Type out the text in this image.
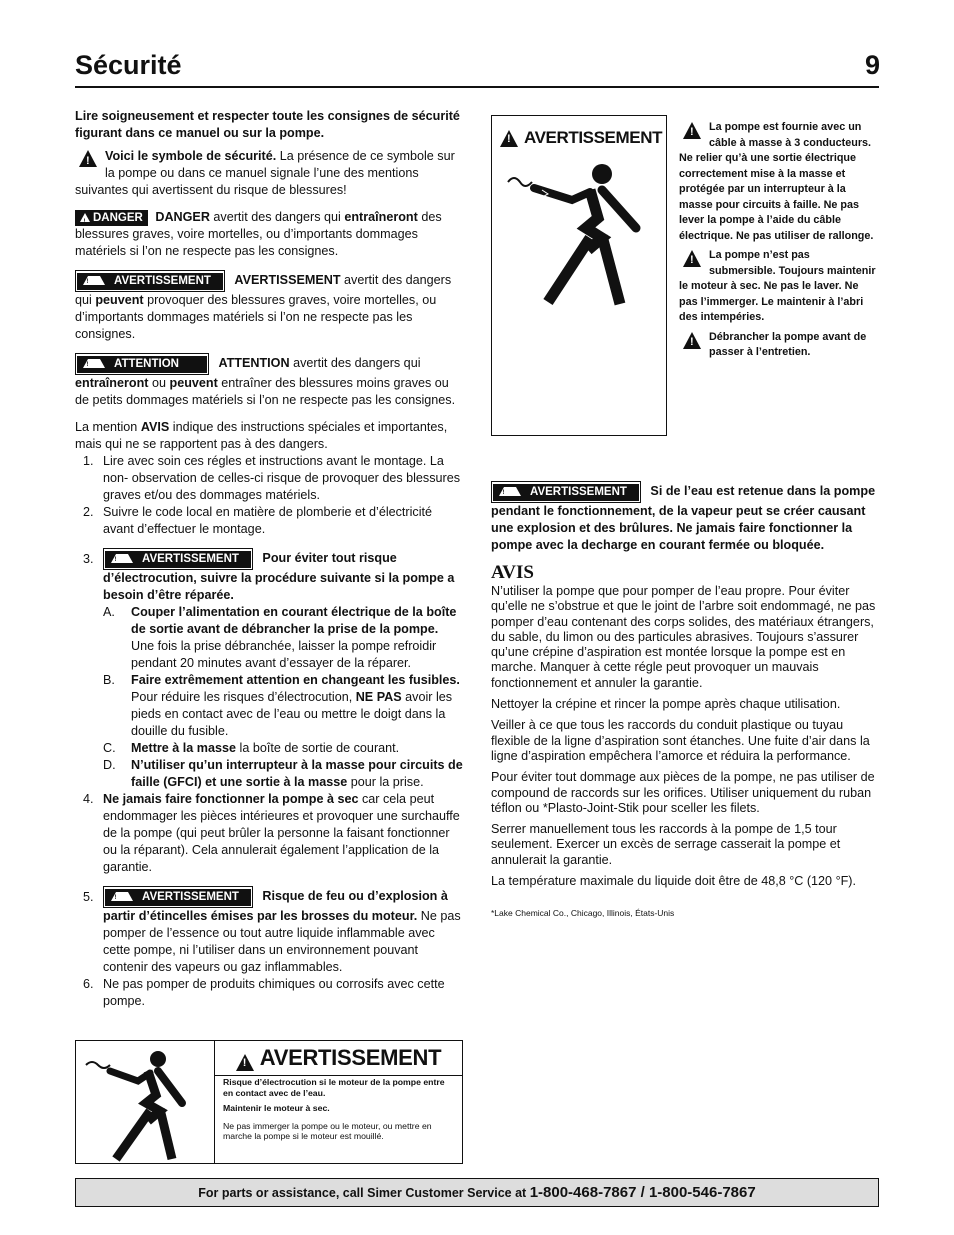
Sécurité	9

Lire soigneusement et respecter toute les consignes de sécurité figurant dans ce manuel ou sur la pompe.

!
Voici le symbole de sécurité. La présence de ce symbole sur la pompe ou dans ce manuel signale l’une des mentions suivantes qui avertissent du risque de blessures!

!DANGER DANGER avertit des dangers qui entraîneront des blessures graves, voire mortelles, ou d’importants dommages matériels si l’on ne respecte pas les consignes.

!AVERTISSEMENT AVERTISSEMENT avertit des dangers qui peuvent provoquer des blessures graves, voire mortelles, ou d’importants dommages matériels si l’on ne respecte pas les consignes.

!ATTENTION	ATTENTION avertit des dangers qui entraîneront ou peuvent entraîner des blessures moins graves ou de petits dommages matériels si l’on ne respecte pas les consignes.

La mention AVIS indique des instructions spéciales et importantes, mais qui ne se rapportent pas à des dangers.

1. Lire avec soin ces régles et instructions avant le montage. La non- observation de celles-ci risque de provoquer des blessures graves et/ou des dommages matériels.
2. Suivre le code local en matière de plomberie et d’électricité avant d’effectuer le montage.
3. !	AVERTISSEMENT Pour éviter tout risque d’électrocution, suivre la procédure suivante si la pompe a besoin d’être réparée.
A. Couper l’alimentation en courant électrique de la boîte de sortie avant de débrancher la prise de la pompe. Une fois la prise débranchée, laisser la pompe refroidir pendant 20 minutes avant d’essayer de la réparer.
B. Faire extrêmement attention en changeant les fusibles. Pour réduire les risques d’électrocution, NE PAS avoir les pieds en contact avec de l’eau ou mettre le doigt dans la douille du fusible.
C. Mettre à la masse la boîte de sortie de courant.
D. N’utiliser qu’un interrupteur à la masse pour circuits de faille (GFCI) et une sortie à la masse pour la prise.
4. Ne jamais faire fonctionner la pompe à sec car cela peut endommager les pièces intérieures et provoquer une surchauffe de la pompe (qui peut brûler la personne la faisant fonctionner ou la réparant). Cela annulerait également l’application de la garantie.
5. !	AVERTISSEMENT Risque de feu ou d’explosion à partir d’étincelles émises par les brosses du moteur. Ne pas pomper de l’essence ou tout autre liquide inflammable avec cette pompe, ni l’utiliser dans un environnement pouvant contenir des vapeurs ou gaz inflammables.
6. Ne pas pomper de produits chimiques ou corrosifs avec cette pompe.
!AVERTISSEMENT
Risque d’électrocution si le moteur de la pompe entre en contact avec de l’eau.
Maintenir le moteur à sec.
Ne pas immerger la pompe ou le moteur, ou mettre en marche la pompe si le moteur est mouillé.
!AVERTISSEMENT
!
La pompe est fournie avec un câble à masse à 3 conducteurs. Ne relier qu’à une sortie électrique correctement mise à la masse et protégée par un interrupteur à la masse pour circuits à faille. Ne pas lever la pompe à l’aide du câble électrique. Ne pas utiliser de rallonge.
!
La pompe n’est pas submersible. Toujours maintenir le moteur à sec. Ne pas le laver. Ne pas l’immerger. Le maintenir à l’abri des intempéries.
!
Débrancher la pompe avant de passer à l’entretien.

!AVERTISSEMENT Si de l’eau est retenue dans la pompe pendant le fonctionnement, de la vapeur peut se créer causant une explosion et des brûlures. Ne jamais faire fonctionner la pompe avec la decharge en courant fermée ou bloquée.

AVIS

N’utiliser la pompe que pour pomper de l’eau propre. Pour éviter qu’elle ne s’obstrue et que le joint de l’arbre soit endommagé, ne pas pomper d’eau contenant des corps solides, des matériaux étrangers, du sable, du limon ou des particules abrasives. Toujours s’assurer qu’une crépine d’aspiration est montée lorsque la pompe est en marche. Manquer à cette régle peut provoquer un mauvais fonctionnement et annuler la garantie.

Nettoyer la crépine et rincer la pompe après chaque utilisation.

Veiller à ce que tous les raccords du conduit plastique ou tuyau flexible de la ligne d’aspiration sont étanches. Une fuite d’air dans la ligne d’aspiration empêchera l’amorce et réduira la performance.

Pour éviter tout dommage aux pièces de la pompe, ne pas utiliser de compound de raccords sur les orifices. Utiliser uniquement du ruban téflon ou *Plasto-Joint-Stik pour sceller les filets.

Serrer manuellement tous les raccords à la pompe de 1,5 tour seulement. Exercer un excès de serrage casserait la pompe et annulerait la garantie.

La température maximale du liquide doit être de 48,8 °C (120 °F).

*Lake Chemical Co., Chicago, Illinois, États-Unis

For parts or assistance, call Simer Customer Service at 1-800-468-7867 / 1-800-546-7867
